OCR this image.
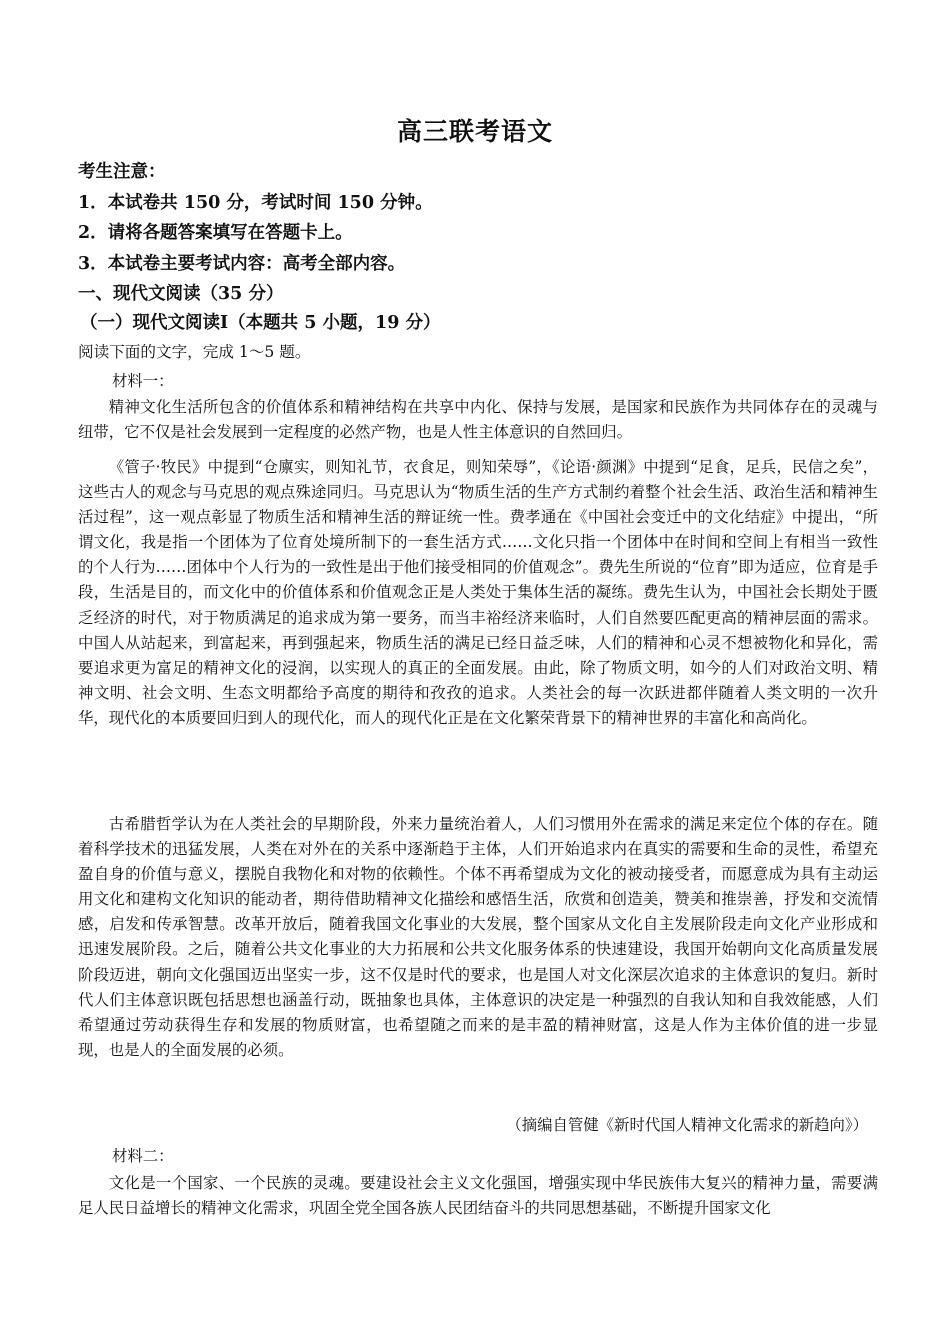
高三联考语文
考生注意：
1．本试卷共 150 分，考试时间 150 分钟。
2．请将各题答案填写在答题卡上。
3．本试卷主要考试内容：高考全部内容。
一、现代文阅读（35 分）
（一）现代文阅读Ⅰ（本题共 5 小题，19 分）
阅读下面的文字，完成 1～5 题。
材料一：

精神文化生活所包含的价值体系和精神结构在共享中内化、保持与发展，是国家和民族作为共同体存在的灵魂与纽带，它不仅是社会发展到一定程度的必然产物，也是人性主体意识的自然回归。

《管子·牧民》中提到“仓廪实，则知礼节，衣食足，则知荣辱”，《论语·颜渊》中提到“足食，足兵，民信之矣”，这些古人的观念与马克思的观点殊途同归。马克思认为“物质生活的生产方式制约着整个社会生活、政治生活和精神生活过程”，这一观点彰显了物质生活和精神生活的辩证统一性。费孝通在《中国社会变迁中的文化结症》中提出，“所谓文化，我是指一个团体为了位育处境所制下的一套生活方式……文化只指一个团体中在时间和空间上有相当一致性的个人行为……团体中个人行为的一致性是出于他们接受相同的价值观念”。费先生所说的“位育”即为适应，位育是手段，生活是目的，而文化中的价值体系和价值观念正是人类处于集体生活的凝练。费先生认为，中国社会长期处于匮乏经济的时代，对于物质满足的追求成为第一要务，而当丰裕经济来临时，人们自然要匹配更高的精神层面的需求。中国人从站起来，到富起来，再到强起来，物质生活的满足已经日益乏味，人们的精神和心灵不想被物化和异化，需要追求更为富足的精神文化的浸润，以实现人的真正的全面发展。由此，除了物质文明，如今的人们对政治文明、精神文明、社会文明、生态文明都给予高度的期待和孜孜的追求。人类社会的每一次跃进都伴随着人类文明的一次升华，现代化的本质要回归到人的现代化，而人的现代化正是在文化繁荣背景下的精神世界的丰富化和高尚化。

古希腊哲学认为在人类社会的早期阶段，外来力量统治着人，人们习惯用外在需求的满足来定位个体的存在。随着科学技术的迅猛发展，人类在对外在的关系中逐渐趋于主体，人们开始追求内在真实的需要和生命的灵性，希望充盈自身的价值与意义，摆脱自我物化和对物的依赖性。个体不再希望成为文化的被动接受者，而愿意成为具有主动运用文化和建构文化知识的能动者，期待借助精神文化描绘和感悟生活，欣赏和创造美，赞美和推崇善，抒发和交流情感，启发和传承智慧。改革开放后，随着我国文化事业的大发展，整个国家从文化自主发展阶段走向文化产业形成和迅速发展阶段。之后，随着公共文化事业的大力拓展和公共文化服务体系的快速建设，我国开始朝向文化高质量发展阶段迈进，朝向文化强国迈出坚实一步，这不仅是时代的要求，也是国人对文化深层次追求的主体意识的复归。新时代人们主体意识既包括思想也涵盖行动，既抽象也具体，主体意识的决定是一种强烈的自我认知和自我效能感，人们希望通过劳动获得生存和发展的物质财富，也希望随之而来的是丰盈的精神财富，这是人作为主体价值的进一步显现，也是人的全面发展的必须。

（摘编自管健《新时代国人精神文化需求的新趋向》）
材料二：

文化是一个国家、一个民族的灵魂。要建设社会主义文化强国，增强实现中华民族伟大复兴的精神力量，需要满足人民日益增长的精神文化需求，巩固全党全国各族人民团结奋斗的共同思想基础，不断提升国家文化
